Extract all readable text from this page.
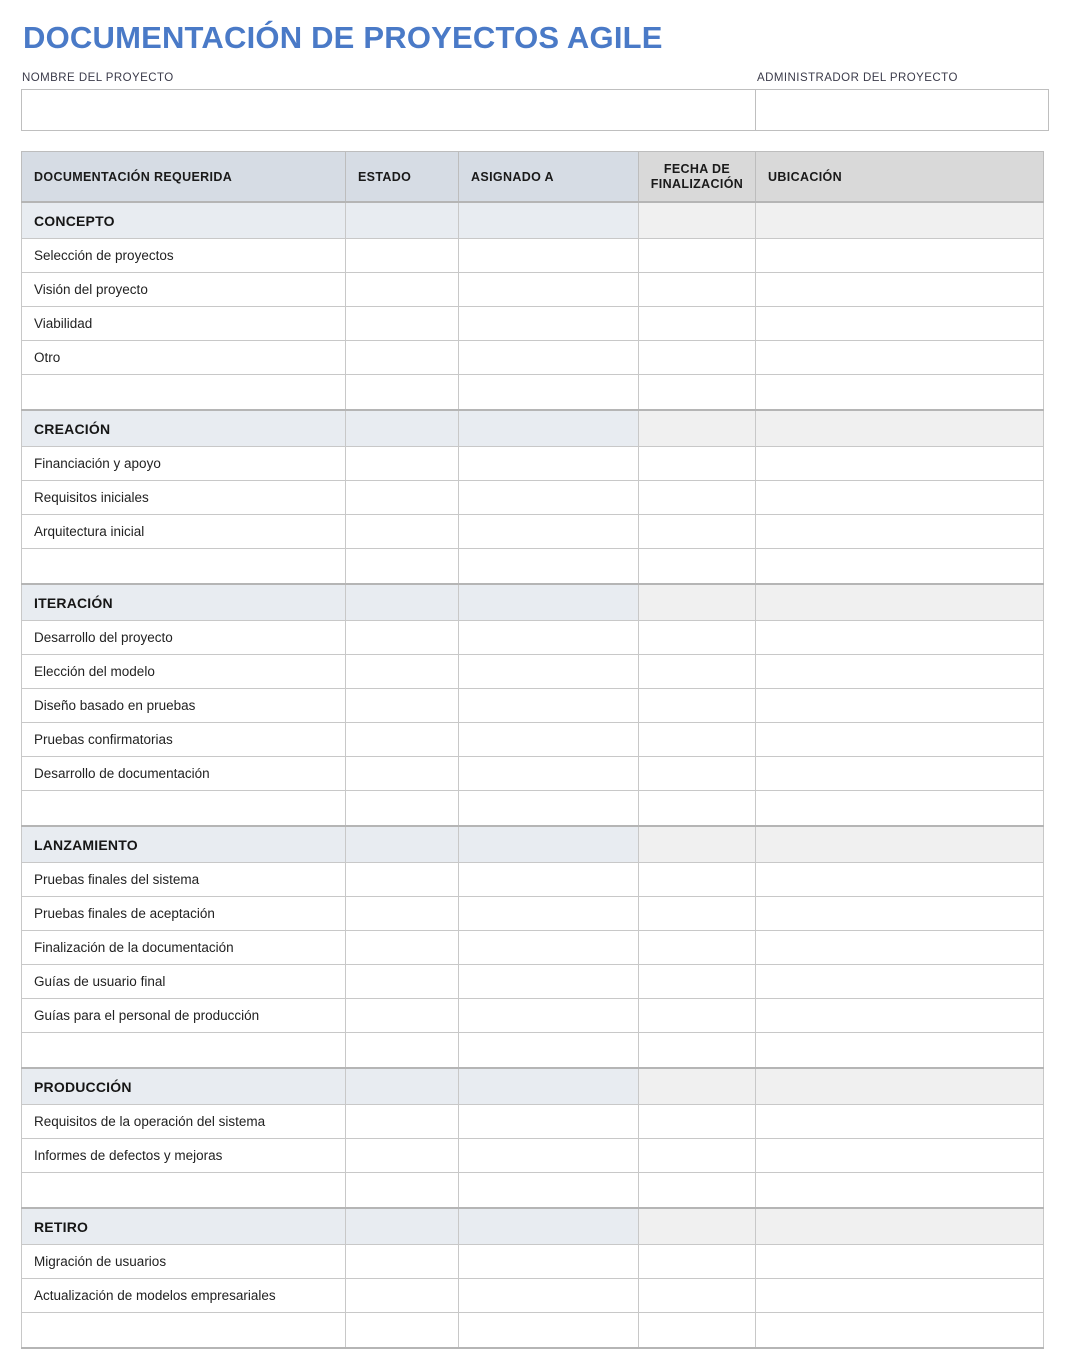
DOCUMENTACIÓN DE PROYECTOS AGILE
NOMBRE DEL PROYECTO	ADMINISTRADOR DEL PROYECTO
DOCUMENTACIÓN REQUERIDA	ESTADO	ASIGNADO A	FECHA DE FINALIZACIÓN	UBICACIÓN
CONCEPTO				
Selección de proyectos				
Visión del proyecto				
Viabilidad				
Otro				

CREACIÓN				
Financiación y apoyo				
Requisitos iniciales				
Arquitectura inicial				

ITERACIÓN				
Desarrollo del proyecto				
Elección del modelo				
Diseño basado en pruebas				
Pruebas confirmatorias				
Desarrollo de documentación				

LANZAMIENTO				
Pruebas finales del sistema				
Pruebas finales de aceptación				
Finalización de la documentación				
Guías de usuario final				
Guías para el personal de producción				

PRODUCCIÓN				
Requisitos de la operación del sistema				
Informes de defectos y mejoras				

RETIRO				
Migración de usuarios				
Actualización de modelos empresariales				
